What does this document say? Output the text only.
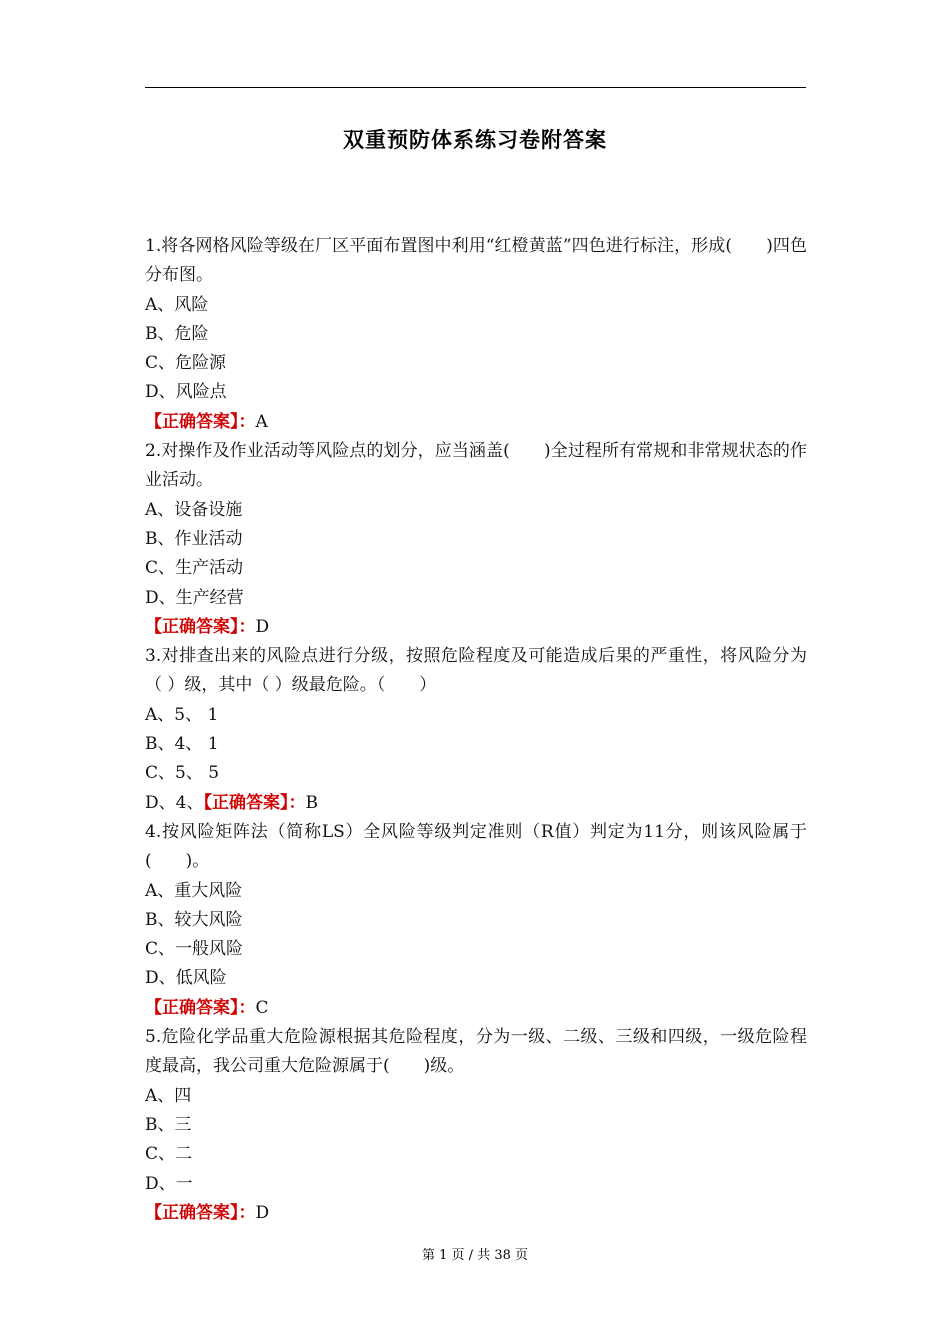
双重预防体系练习卷附答案

1.将各网格风险等级在厂区平面布置图中利用“红橙黄蓝”四色进行标注，形成(　　)四色分布图。

A、风险

B、危险

C、危险源

D、风险点

【正确答案】：A

2.对操作及作业活动等风险点的划分，应当涵盖(　　)全过程所有常规和非常规状态的作业活动。

A、设备设施

B、作业活动

C、生产活动

D、生产经营

【正确答案】：D

3.对排查出来的风险点进行分级，按照危险程度及可能造成后果的严重性，将风险分为（ ）级，其中（ ）级最危险。（　　）

A、5、 1

B、4、 1

C、5、 5

D、4、【正确答案】：B

4.按风险矩阵法（简称LS）全风险等级判定准则（R值）判定为11分，则该风险属于(　　)。

A、重大风险

B、较大风险

C、一般风险

D、低风险

【正确答案】：C

5.危险化学品重大危险源根据其危险程度，分为一级、二级、三级和四级，一级危险程度最高，我公司重大危险源属于(　　)级。

A、四

B、三

C、二

D、一

【正确答案】：D

第 1 页 / 共 38 页
